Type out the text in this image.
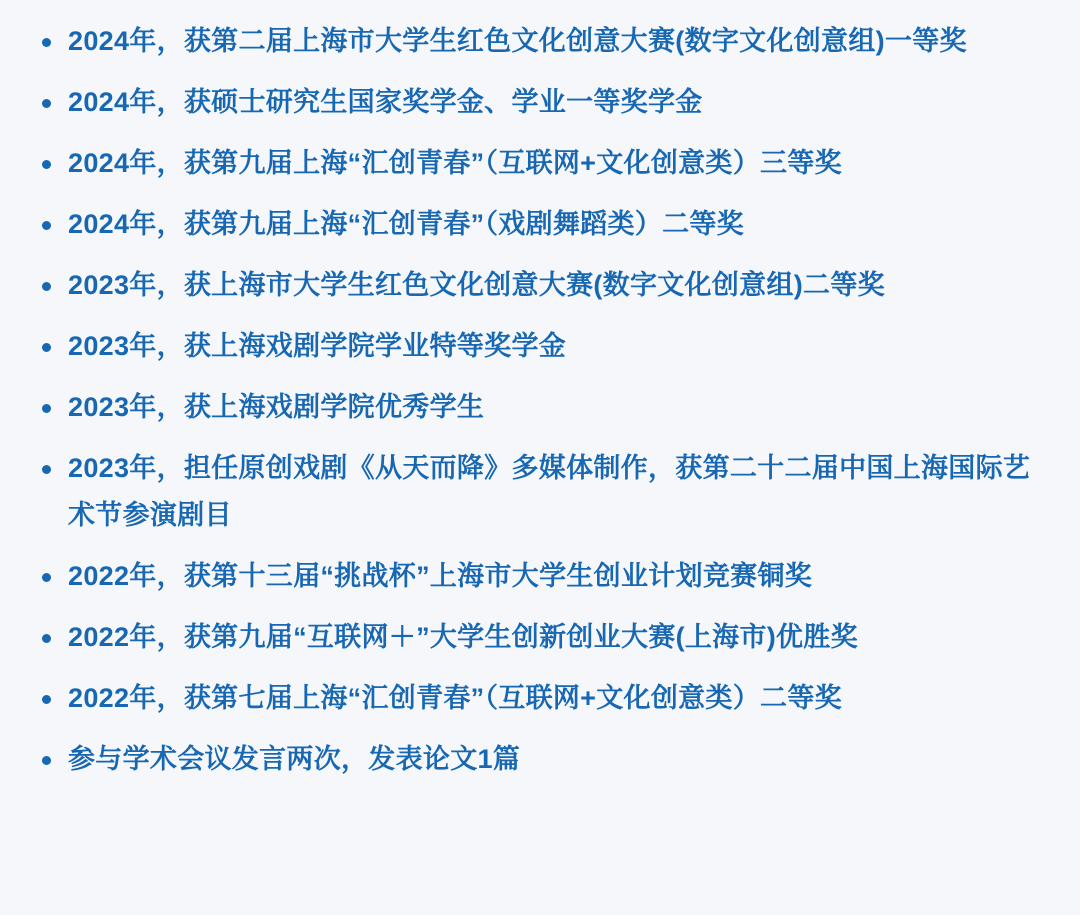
2024年，获第二届上海市大学生红色文化创意大赛(数字文化创意组)一等奖
2024年，获硕士研究生国家奖学金、学业一等奖学金
2024年，获第九届上海“汇创青春”（互联网+文化创意类）三等奖
2024年，获第九届上海“汇创青春”（戏剧舞蹈类）二等奖
2023年，获上海市大学生红色文化创意大赛(数字文化创意组)二等奖
2023年，获上海戏剧学院学业特等奖学金
2023年，获上海戏剧学院优秀学生
2023年，担任原创戏剧《从天而降》多媒体制作，获第二十二届中国上海国际艺术节参演剧目
2022年，获第十三届“挑战杯”上海市大学生创业计划竞赛铜奖
2022年，获第九届“互联网＋”大学生创新创业大赛(上海市)优胜奖
2022年，获第七届上海“汇创青春”（互联网+文化创意类）二等奖
参与学术会议发言两次，发表论文1篇
